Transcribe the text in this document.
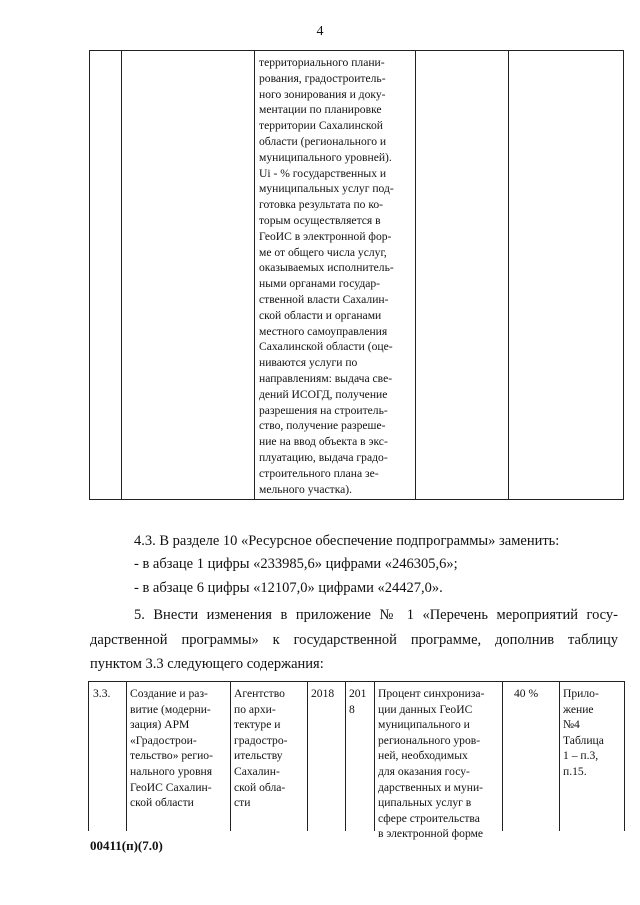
4
территориального плани-
рования, градостроитель-
ного зонирования и доку-
ментации по планировке
территории Сахалинской
области (регионального и
муниципального уровней).
Ui - % государственных и
муниципальных услуг под-
готовка результата по ко-
торым осуществляется в
ГеоИС в электронной фор-
ме от общего числа услуг,
оказываемых исполнитель-
ными органами государ-
ственной власти Сахалин-
ской области и органами
местного самоуправления
Сахалинской области (оце-
ниваются услуги по
направлениям: выдача све-
дений ИСОГД, получение
разрешения на строитель-
ство, получение разреше-
ние на ввод объекта в экс-
плуатацию, выдача градо-
строительного плана зе-
мельного участка).
4.3. В разделе 10 «Ресурсное обеспечение подпрограммы» заменить:
- в абзаце 1 цифры «233985,6» цифрами «246305,6»;
- в абзаце 6 цифры «12107,0» цифрами «24427,0».
5. Внести изменения в приложение № 1 «Перечень мероприятий госу-
дарственной программы» к государственной программе, дополнив таблицу
пунктом 3.3 следующего содержания:
3.3. Создание и раз-
витие (модерни-
зация) АРМ
«Градострои-
тельство» регио-
нального уровня
ГеоИС Сахалин-
ской области
Агентство
по архи-
тектуре и
градостро-
ительству
Сахалин-
ской обла-
сти
2018 201
8
Процент синхрониза-
ции данных ГеоИС
муниципального и
регионального уров-
ней, необходимых
для оказания госу-
дарственных и муни-
ципальных услуг в
сфере строительства
в электронной форме
40 % Прило-
жение
№4
Таблица
1 – п.3,
п.15.
00411(п)(7.0)
